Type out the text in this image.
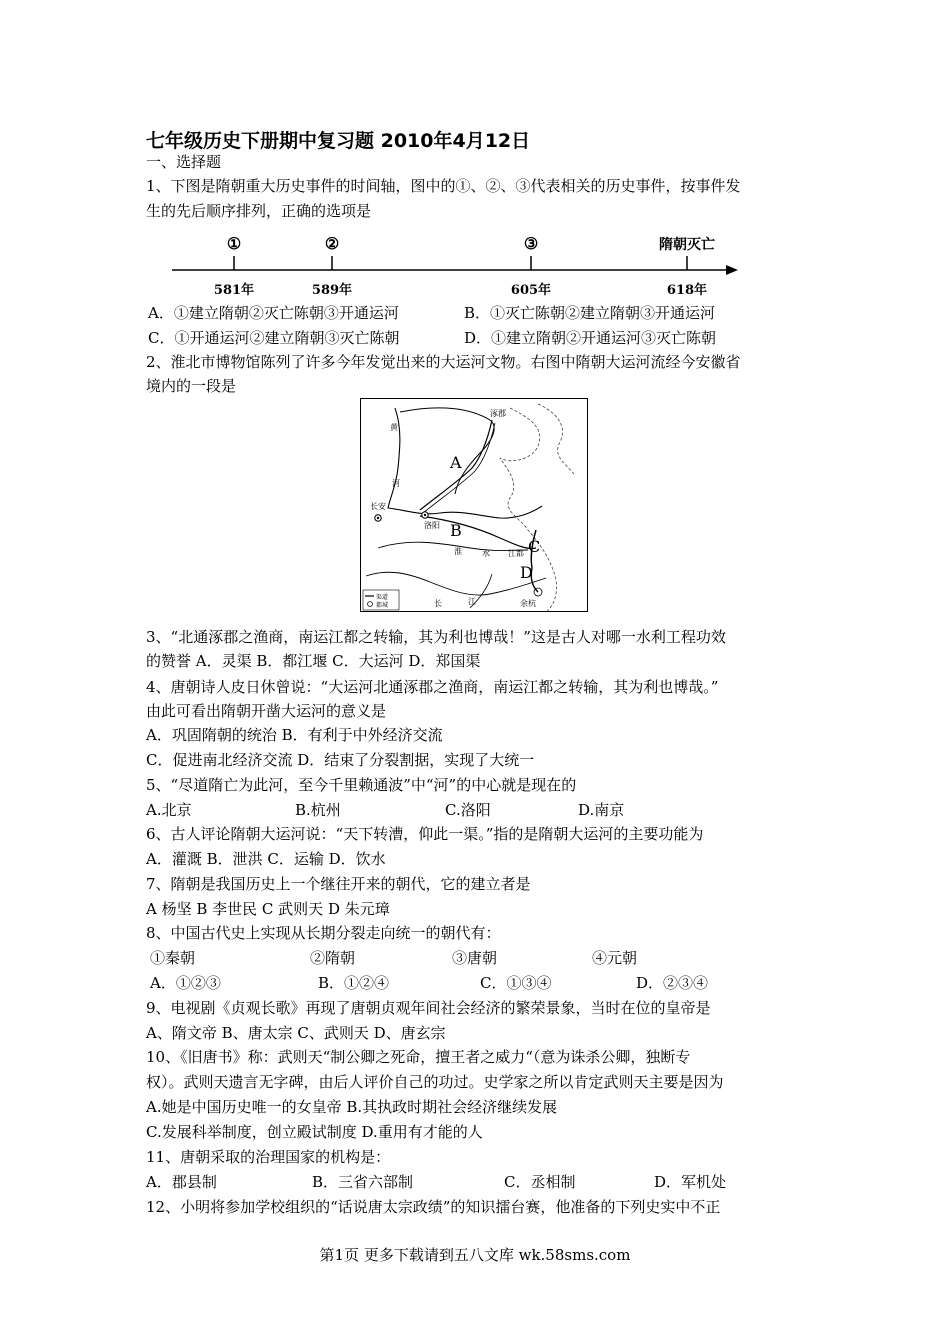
七年级历史下册期中复习题 2010年4月12日
一、选择题
1、下图是隋朝重大历史事件的时间轴，图中的①、②、③代表相关的历史事件，按事件发
生的先后顺序排列，正确的选项是
①	②	③	隋朝灭亡
581年	589年	605年	618年
A．①建立隋朝②灭亡陈朝③开通运河	B．①灭亡陈朝②建立隋朝③开通运河
C．①开通运河②建立隋朝③灭亡陈朝	D．①建立隋朝②开通运河③灭亡陈朝
2、淮北市博物馆陈列了许多今年发觉出来的大运河文物。右图中隋朝大运河流经今安徽省
境内的一段是
涿郡
长安
洛阳
江都
余杭
黄
河
淮	水
长	江
A
B
C
D
渠道
都城
3、“北通涿郡之渔商，南运江都之转输，其为利也博哉！”这是古人对哪一水利工程功效
的赞誉 A．灵渠 B．都江堰 C．大运河 D．郑国渠
4、唐朝诗人皮日休曾说：“大运河北通涿郡之渔商，南运江都之转输，其为利也博哉。”
由此可看出隋朝开凿大运河的意义是
A．巩固隋朝的统治 B．有利于中外经济交流
C．促进南北经济交流 D．结束了分裂割据，实现了大统一
5、“尽道隋亡为此河，至今千里赖通波”中“河”的中心就是现在的
A.北京	B.杭州	C.洛阳	D.南京
6、古人评论隋朝大运河说：“天下转漕，仰此一渠。”指的是隋朝大运河的主要功能为
A．灌溉 B．泄洪 C．运输 D．饮水
7、隋朝是我国历史上一个继往开来的朝代，它的建立者是
A 杨坚 B 李世民 C 武则天 D 朱元璋
8、中国古代史上实现从长期分裂走向统一的朝代有：
①秦朝	②隋朝	③唐朝	④元朝
A．①②③	B．①②④	C．①③④	D．②③④
9、电视剧《贞观长歌》再现了唐朝贞观年间社会经济的繁荣景象，当时在位的皇帝是
A、隋文帝 B、唐太宗 C、武则天 D、唐玄宗
10、《旧唐书》称：武则天“制公卿之死命，擅王者之威力“（意为诛杀公卿，独断专
权）。武则天遗言无字碑，由后人评价自己的功过。史学家之所以肯定武则天主要是因为
A.她是中国历史唯一的女皇帝 B.其执政时期社会经济继续发展
C.发展科举制度，创立殿试制度 D.重用有才能的人
11、唐朝采取的治理国家的机构是：
A．郡县制	B．三省六部制	C．丞相制	D．军机处
12、小明将参加学校组织的“话说唐太宗政绩”的知识擂台赛，他准备的下列史实中不正
第1页 更多下载请到五八文库 wk.58sms.com
